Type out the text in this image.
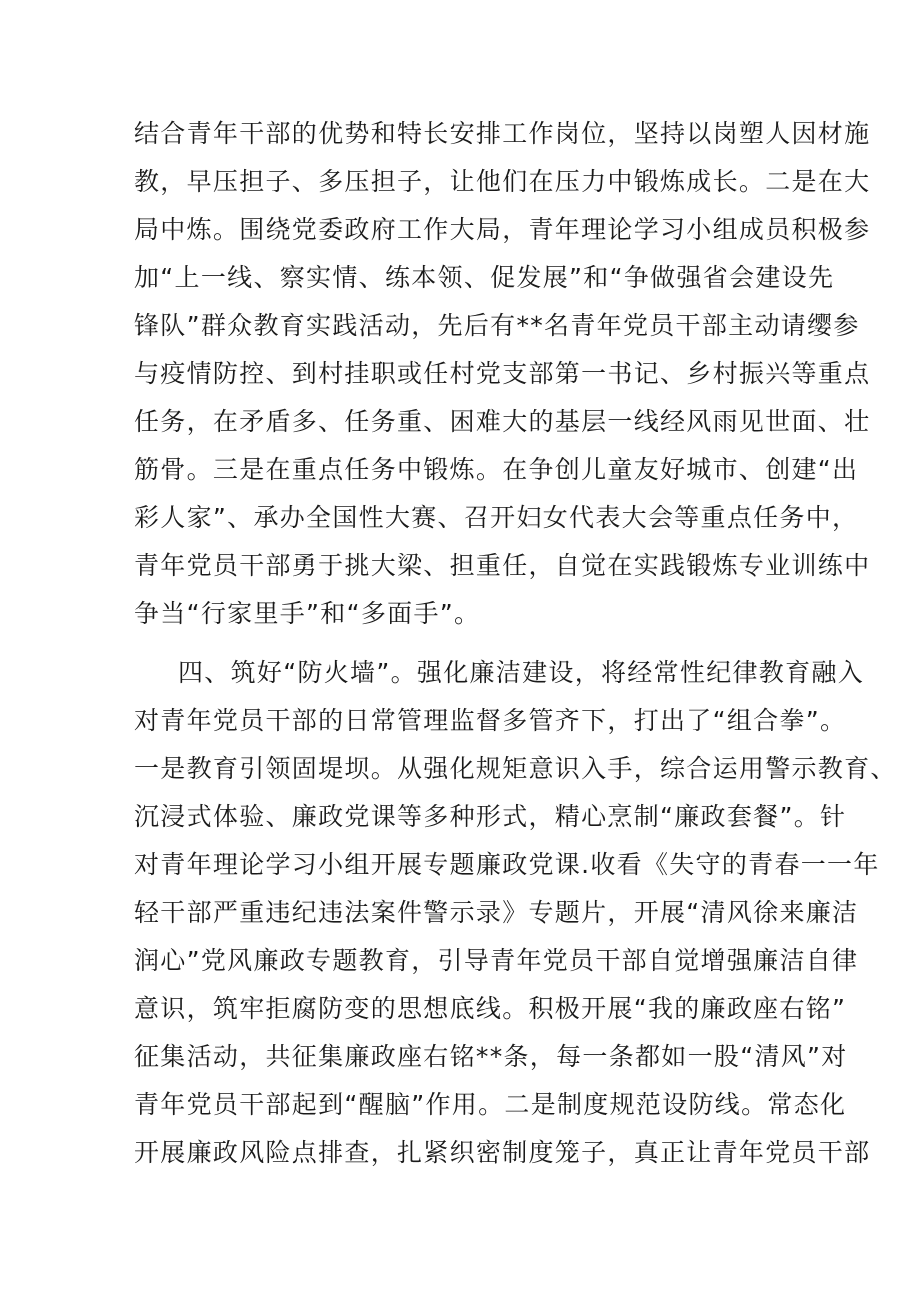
结合青年干部的优势和特长安排工作岗位，坚持以岗塑人因材施
教，早压担子、多压担子，让他们在压力中锻炼成长。二是在大
局中炼。围绕党委政府工作大局，青年理论学习小组成员积极参
加“上一线、察实情、练本领、促发展”和“争做强省会建设先
锋队”群众教育实践活动，先后有**名青年党员干部主动请缨参
与疫情防控、到村挂职或任村党支部第一书记、乡村振兴等重点
任务，在矛盾多、任务重、困难大的基层一线经风雨见世面、壮
筋骨。三是在重点任务中锻炼。在争创儿童友好城市、创建“出
彩人家”、承办全国性大赛、召开妇女代表大会等重点任务中，
青年党员干部勇于挑大梁、担重任，自觉在实践锻炼专业训练中
争当“行家里手”和“多面手”。
四、筑好“防火墙”。强化廉洁建设，将经常性纪律教育融入
对青年党员干部的日常管理监督多管齐下，打出了“组合拳”。
一是教育引领固堤坝。从强化规矩意识入手，综合运用警示教育、
沉浸式体验、廉政党课等多种形式，精心烹制“廉政套餐”。针
对青年理论学习小组开展专题廉政党课.收看《失守的青春一一年
轻干部严重违纪违法案件警示录》专题片，开展“清风徐来廉洁
润心”党风廉政专题教育，引导青年党员干部自觉增强廉洁自律
意识，筑牢拒腐防变的思想底线。积极开展“我的廉政座右铭”
征集活动，共征集廉政座右铭**条，每一条都如一股“清风”对
青年党员干部起到“醒脑”作用。二是制度规范设防线。常态化
开展廉政风险点排查，扎紧织密制度笼子，真正让青年党员干部
